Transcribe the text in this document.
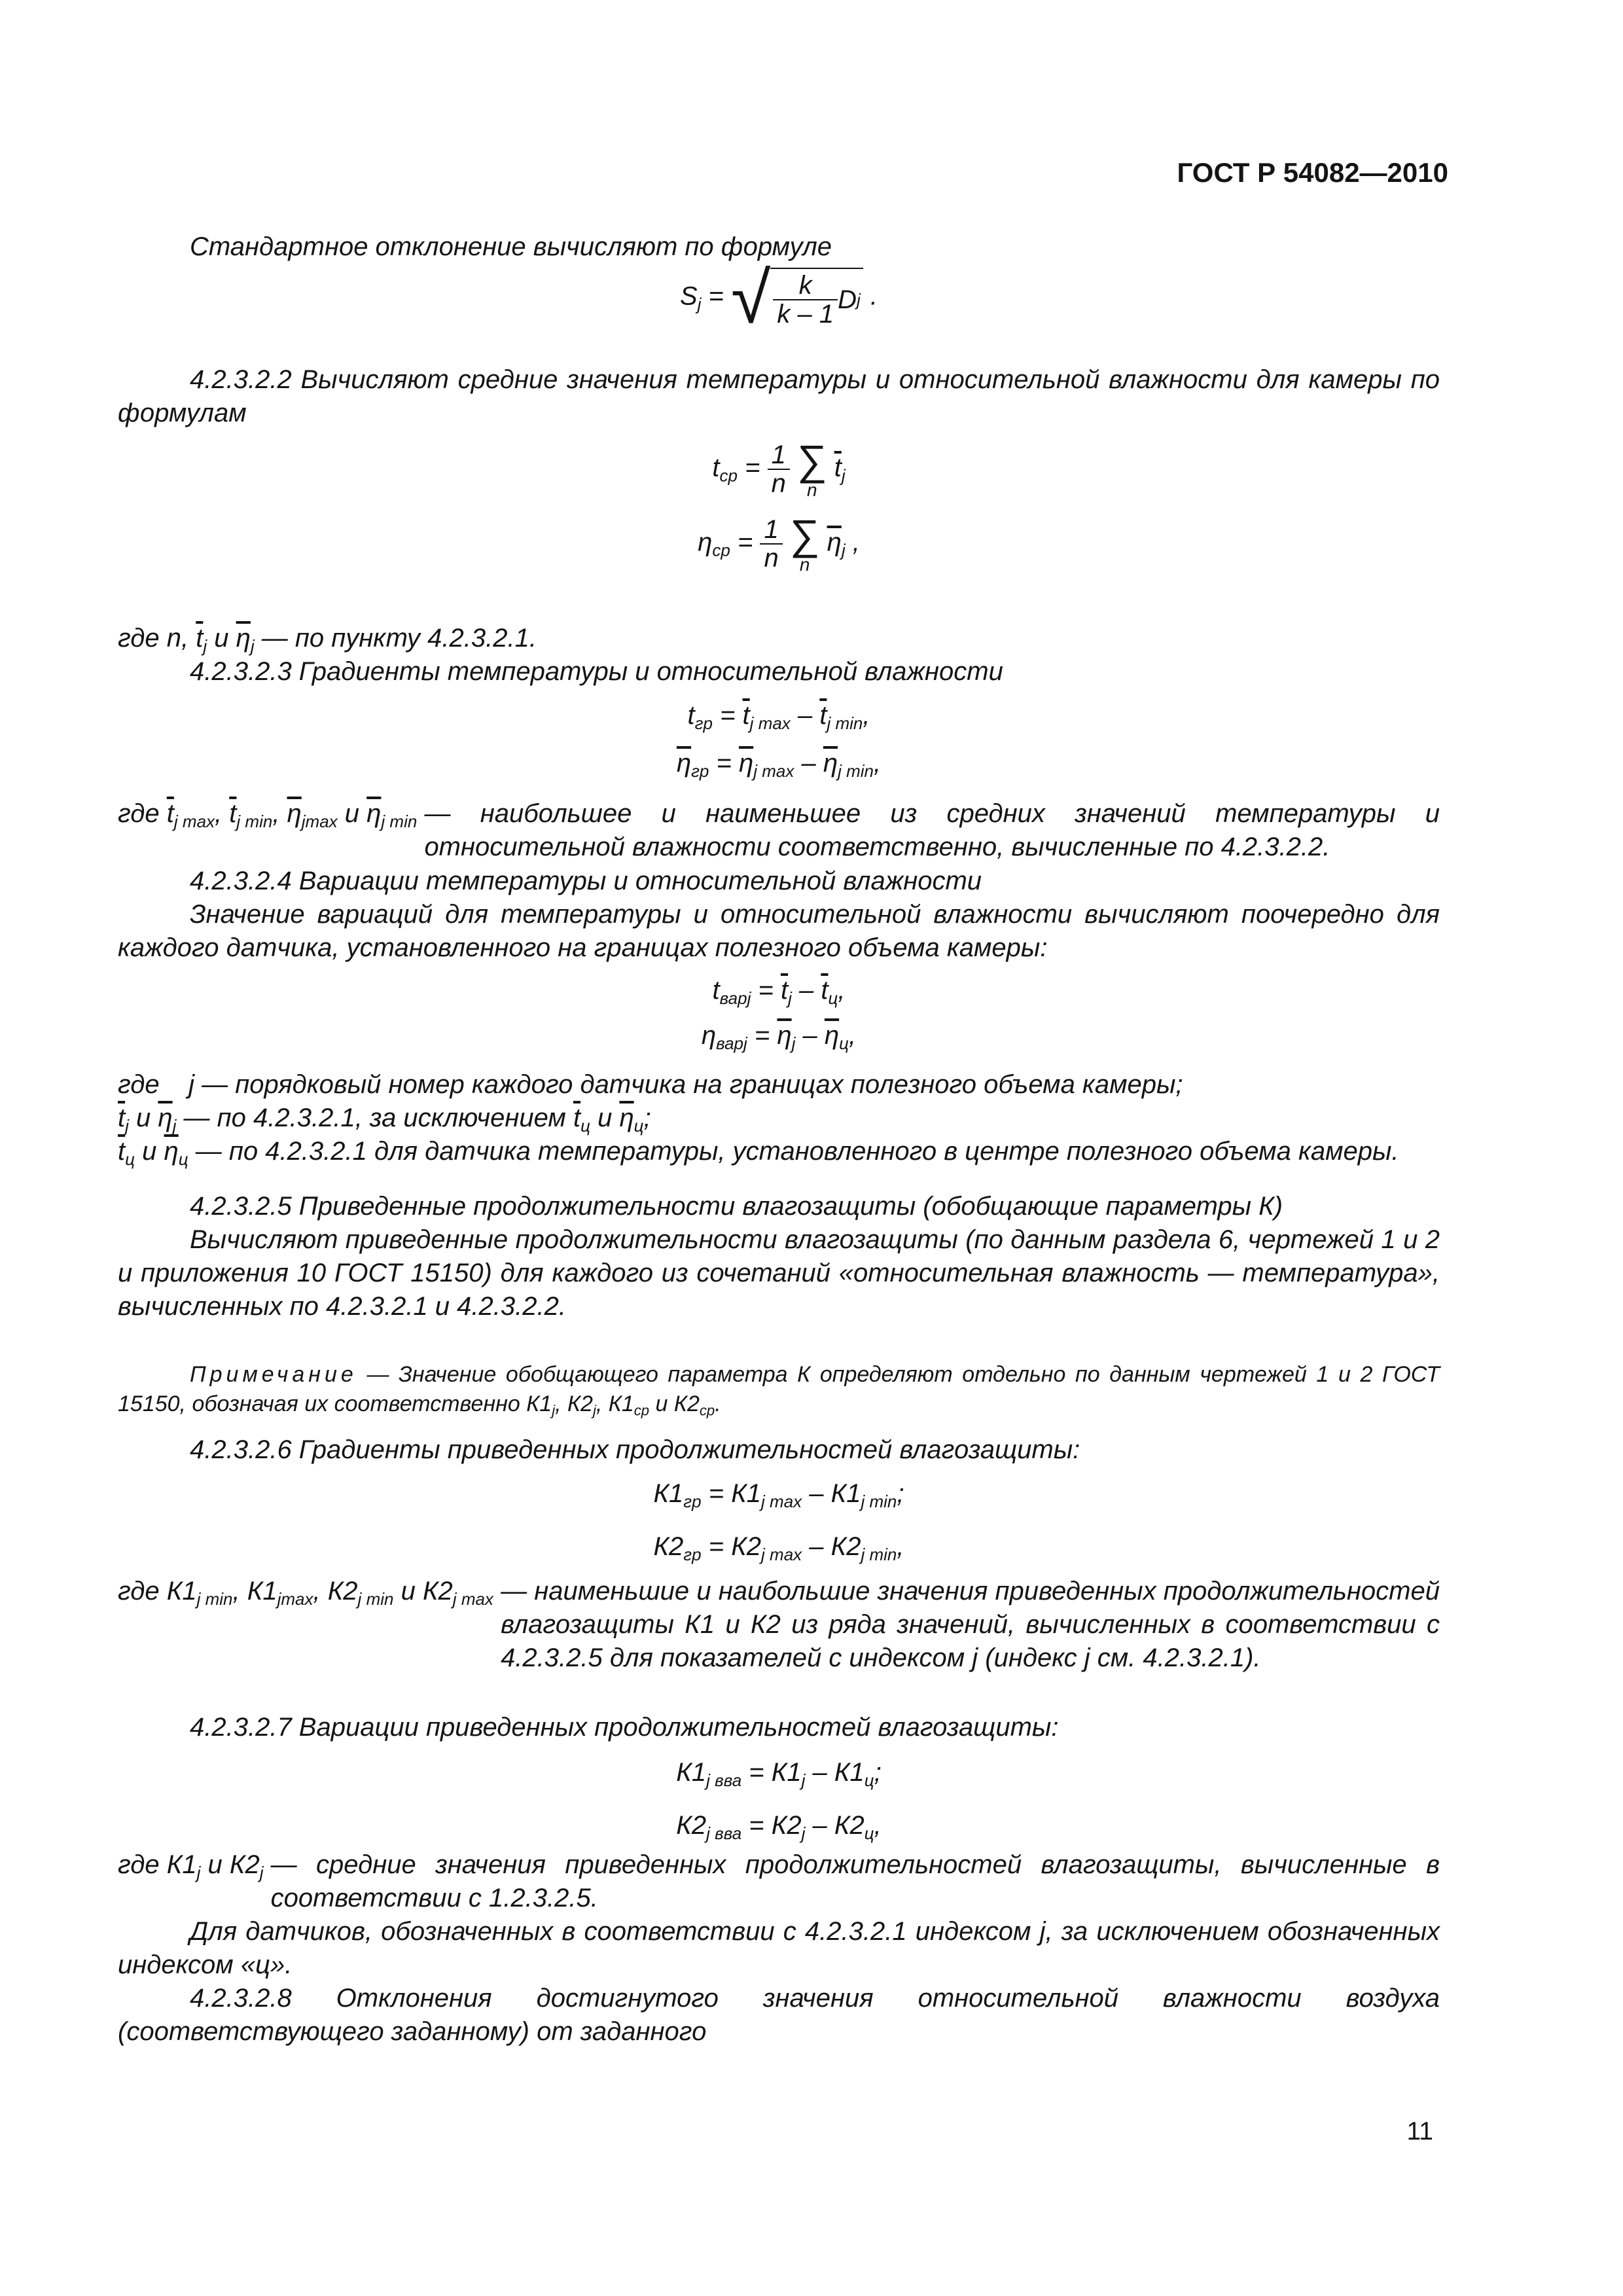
ГОСТ Р 54082—2010
Стандартное отклонение вычисляют по формуле
$S_j$ = √ $\frac{k}{k - 1}$ D j .
4.2.3.2.2 Вычисляют средние значения температуры и относительной влажности для камеры по формулам
$t_{ср} = \frac{1}{n}$
∑
n
$\overline{t}_j$
$\eta_{ср} = \frac{1}{n}$
∑
n
$\overline{\eta}_j$ ,
где n, $\overline{t}_j$ и $\overline{\eta}_j$ — по пункту 4.2.3.2.1.
4.2.3.2.3 Градиенты температуры и относительной влажности
$t_{гр} = \overline{t}_{j max} - \overline{t}_{j min}$,
$\overline{\eta}_{гр} = \overline{\eta}_{j max} - \overline{\eta}_{j min}$,
где $\overline{t}_{j max}$, $\overline{t}_{j min}$, $\overline{\eta}_{jmax}$ и $\overline{\eta}_{j min}$ — наибольшее и наименьшее из средних значений температуры и относительной влажности соответственно, вычисленные по 4.2.3.2.2.
4.2.3.2.4 Вариации температуры и относительной влажности
Значение вариаций для температуры и относительной влажности вычисляют поочередно для каждого датчика, установленного на границах полезного объема камеры:
$t_{варj} = \overline{t}_j - \overline{t}_ц$,
$\eta_{варj} = \overline{\eta}_j - \overline{\eta}_ц$,
где j — порядковый номер каждого датчика на границах полезного объема камеры;
$\overline{t}_j$ и $\overline{\eta}_j$ — по 4.2.3.2.1, за исключением $\overline{t}_ц$ и $\overline{\eta}_ц$;
$\overline{t}_ц$ и $\overline{\eta}_ц$ — по 4.2.3.2.1 для датчика температуры, установленного в центре полезного объема камеры.
4.2.3.2.5 Приведенные продолжительности влагозащиты (обобщающие параметры К)
Вычисляют приведенные продолжительности влагозащиты (по данным раздела 6, чертежей 1 и 2 и приложения 10 ГОСТ 15150) для каждого из сочетаний «относительная влажность — температура», вычисленных по 4.2.3.2.1 и 4.2.3.2.2.
Примечание — Значение обобщающего параметра К определяют отдельно по данным чертежей 1 и 2 ГОСТ 15150, обозначая их соответственно $К1_j$, $К2_j$, $К1_{ср}$ и $К2_{ср}$.
4.2.3.2.6 Градиенты приведенных продолжительностей влагозащиты:
$К1_{гр} = К1_{j max} - К1_{j min}$;
$К2_{гр} = К2_{j max} - К2_{j min}$,
где $К1_{j min}$, $К1_{jmax}$, $К2_{j min}$ и $К2_{j max}$ — наименьшие и наибольшие значения приведенных продолжительностей влагозащиты К1 и К2 из ряда значений, вычисленных в соответствии с 4.2.3.2.5 для показателей с индексом j (индекс j см. 4.2.3.2.1).
4.2.3.2.7 Вариации приведенных продолжительностей влагозащиты:
$К1_{j вва} = К1_j - К1_ц$;
$К2_{j вва} = К2_j - К2_ц$,
где $К1_j$ и $К2_j$ — средние значения приведенных продолжительностей влагозащиты, вычисленные в соответствии с 1.2.3.2.5.
Для датчиков, обозначенных в соответствии с 4.2.3.2.1 индексом j, за исключением обозначенных индексом «ц».
4.2.3.2.8 Отклонения достигнутого значения относительной влажности воздуха (соответствующего заданному) от заданного
11
